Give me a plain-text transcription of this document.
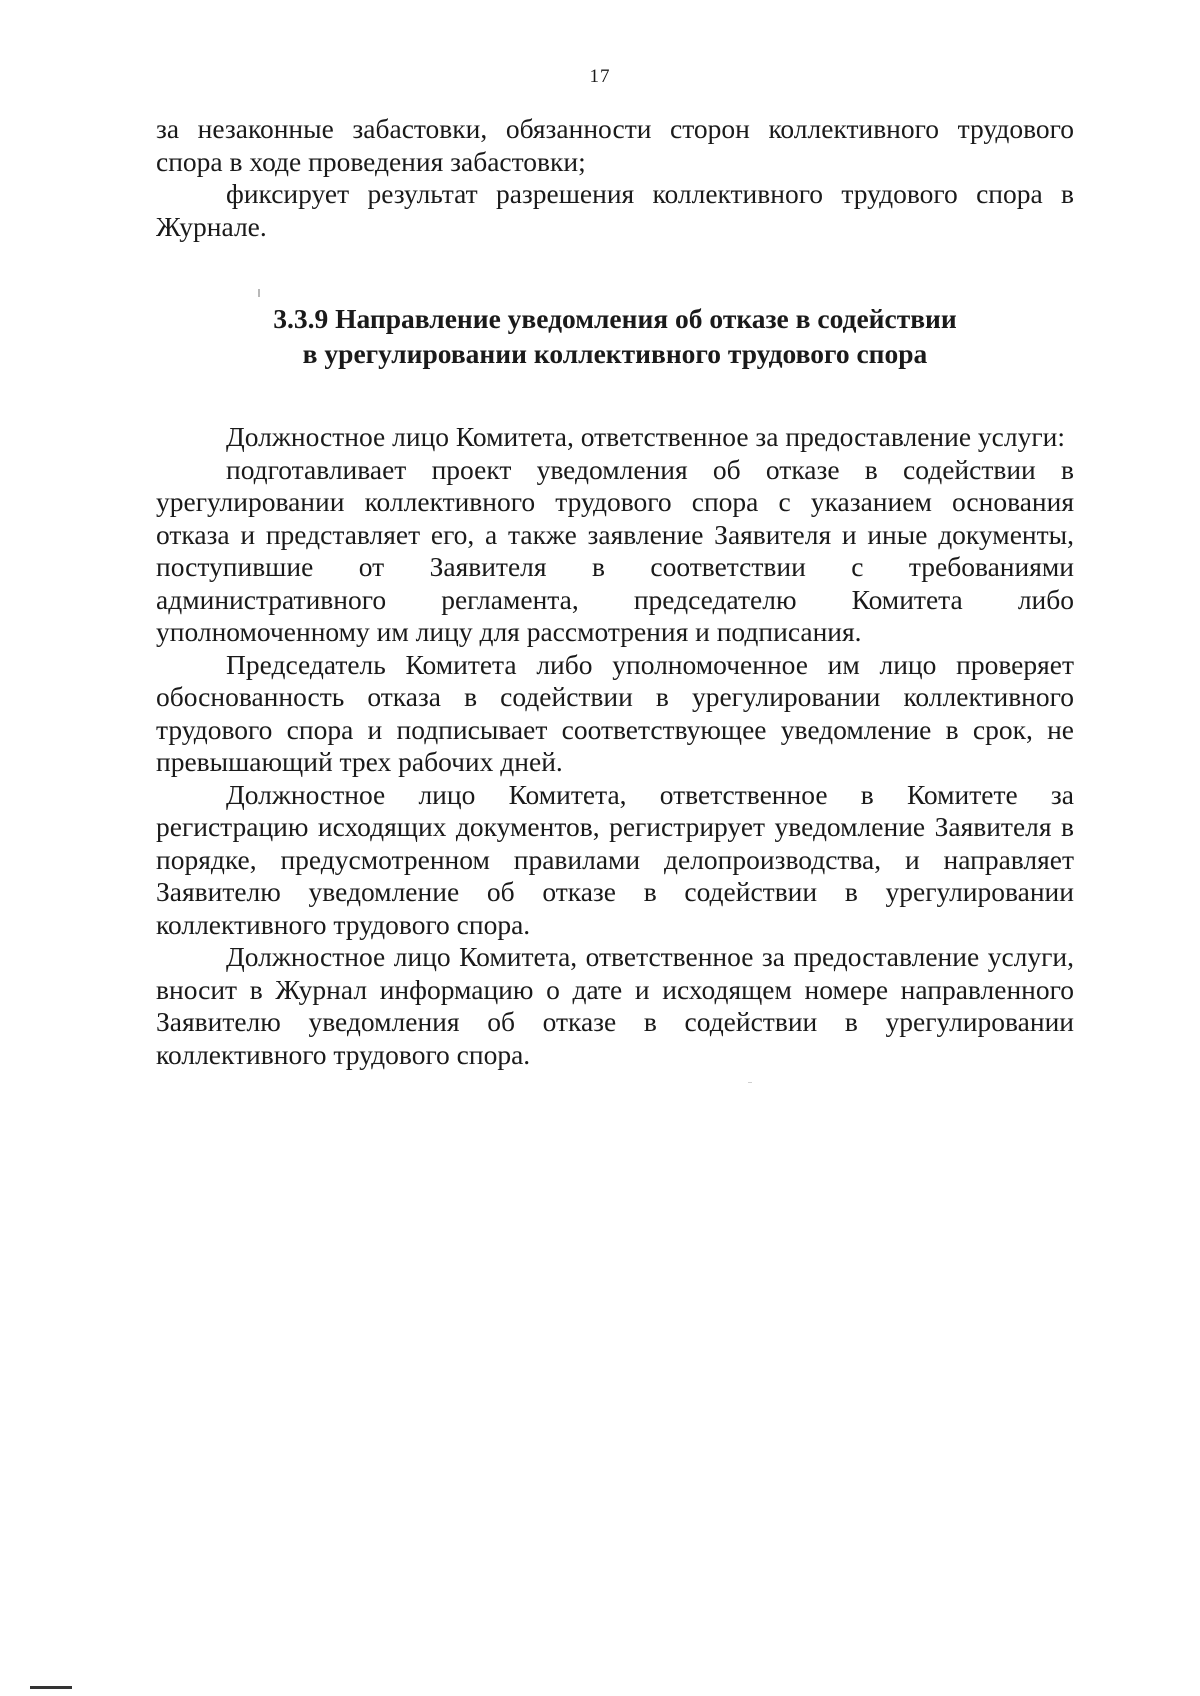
17

за незаконные забастовки, обязанности сторон коллективного трудового спора в ходе проведения забастовки;

фиксирует результат разрешения коллективного трудового спора в Журнале.

3.3.9 Направление уведомления об отказе в содействии
в урегулировании коллективного трудового спора

Должностное лицо Комитета, ответственное за предоставление услуги:

подготавливает проект уведомления об отказе в содействии в урегулировании коллективного трудового спора с указанием основания отказа и представляет его, а также заявление Заявителя и иные документы, поступившие от Заявителя в соответствии с требованиями административного регламента, председателю Комитета либо уполномоченному им лицу для рассмотрения и подписания.

Председатель Комитета либо уполномоченное им лицо проверяет обоснованность отказа в содействии в урегулировании коллективного трудового спора и подписывает соответствующее уведомление в срок, не превышающий трех рабочих дней.

Должностное лицо Комитета, ответственное в Комитете за регистрацию исходящих документов, регистрирует уведомление Заявителя в порядке, предусмотренном правилами делопроизводства, и направляет Заявителю уведомление об отказе в содействии в урегулировании коллективного трудового спора.

Должностное лицо Комитета, ответственное за предоставление услуги, вносит в Журнал информацию о дате и исходящем номере направленного Заявителю уведомления об отказе в содействии в урегулировании коллективного трудового спора.
